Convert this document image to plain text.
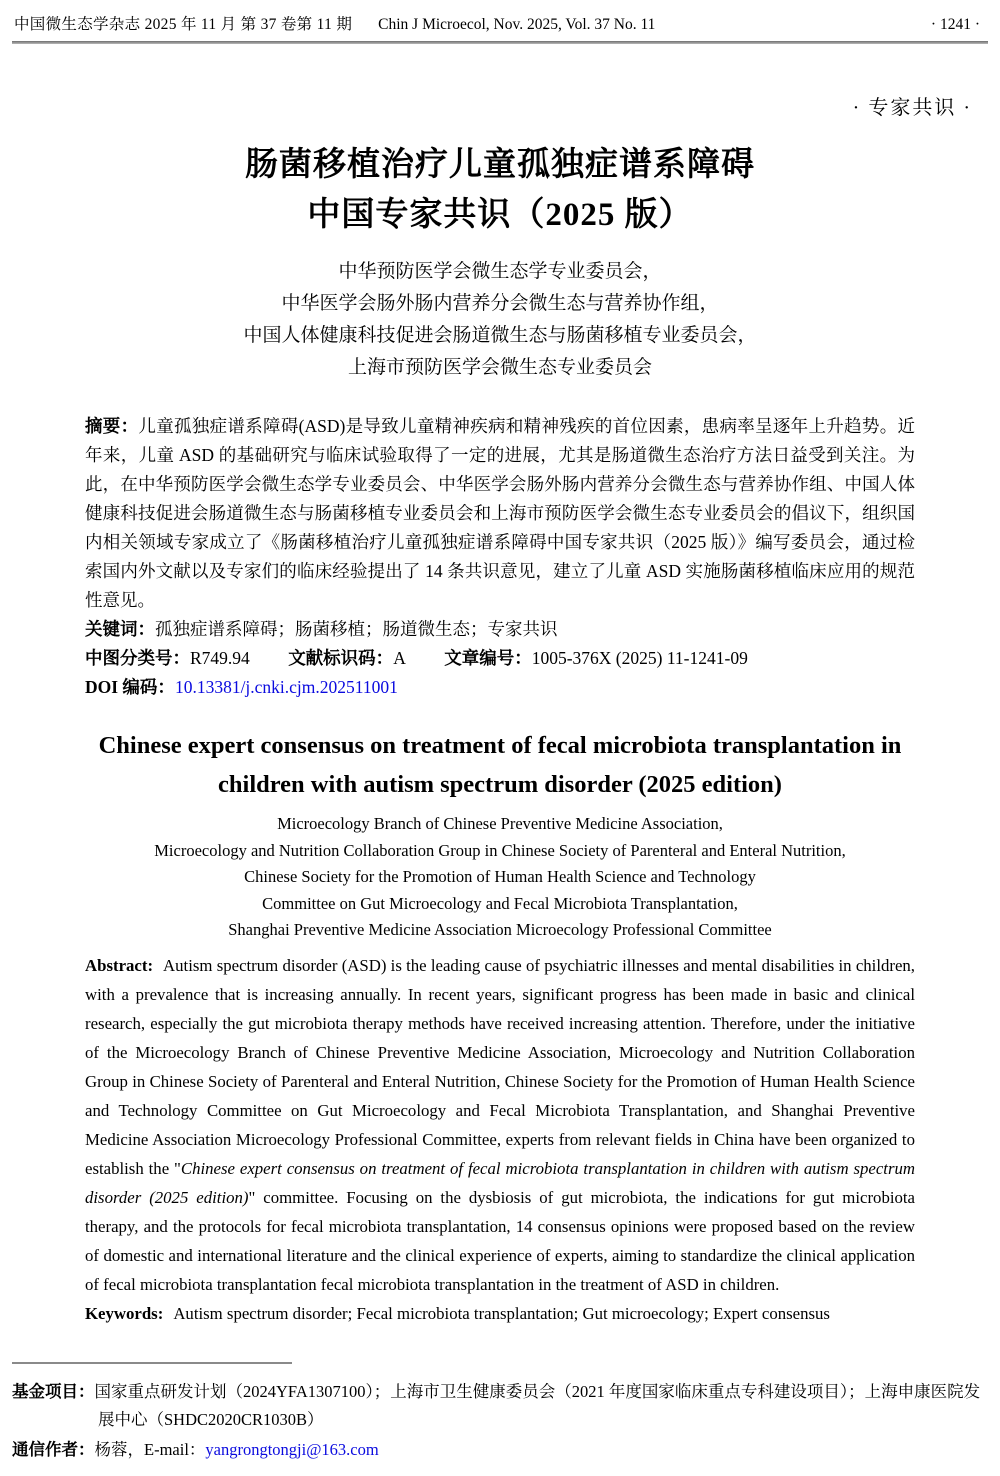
中国微生态学杂志 2025 年 11 月 第 37 卷第 11 期 Chin J Microecol, Nov. 2025, Vol. 37 No. 11	· 1241 ·
· 专家共识 ·
肠菌移植治疗儿童孤独症谱系障碍
中国专家共识（2025 版）
中华预防医学会微生态学专业委员会，
中华医学会肠外肠内营养分会微生态与营养协作组，
中国人体健康科技促进会肠道微生态与肠菌移植专业委员会，
上海市预防医学会微生态专业委员会

摘要：儿童孤独症谱系障碍(ASD)是导致儿童精神疾病和精神残疾的首位因素，患病率呈逐年上升趋势。近年来，儿童 ASD 的基础研究与临床试验取得了一定的进展，尤其是肠道微生态治疗方法日益受到关注。为此，在中华预防医学会微生态学专业委员会、中华医学会肠外肠内营养分会微生态与营养协作组、中国人体健康科技促进会肠道微生态与肠菌移植专业委员会和上海市预防医学会微生态专业委员会的倡议下，组织国内相关领域专家成立了《肠菌移植治疗儿童孤独症谱系障碍中国专家共识（2025 版）》编写委员会，通过检索国内外文献以及专家们的临床经验提出了 14 条共识意见，建立了儿童 ASD 实施肠菌移植临床应用的规范性意见。

关键词：孤独症谱系障碍；肠菌移植；肠道微生态；专家共识

中图分类号：R749.94 文献标识码：A 文章编号：1005-376X (2025) 11-1241-09

DOI 编码：10.13381/j.cnki.cjm.202511001

Chinese expert consensus on treatment of fecal microbiota transplantation in
children with autism spectrum disorder (2025 edition)
Microecology Branch of Chinese Preventive Medicine Association,
Microecology and Nutrition Collaboration Group in Chinese Society of Parenteral and Enteral Nutrition,
Chinese Society for the Promotion of Human Health Science and Technology
Committee on Gut Microecology and Fecal Microbiota Transplantation,
Shanghai Preventive Medicine Association Microecology Professional Committee

Abstract: Autism spectrum disorder (ASD) is the leading cause of psychiatric illnesses and mental disabilities in children, with a prevalence that is increasing annually. In recent years, significant progress has been made in basic and clinical research, especially the gut microbiota therapy methods have received increasing attention. Therefore, under the initiative of the Microecology Branch of Chinese Preventive Medicine Association, Microecology and Nutrition Collaboration Group in Chinese Society of Parenteral and Enteral Nutrition, Chinese Society for the Promotion of Human Health Science and Technology Committee on Gut Microecology and Fecal Microbiota Transplantation, and Shanghai Preventive Medicine Association Microecology Professional Committee, experts from relevant fields in China have been organized to establish the "Chinese expert consensus on treatment of fecal microbiota transplantation in children with autism spectrum disorder (2025 edition)" committee. Focusing on the dysbiosis of gut microbiota, the indications for gut microbiota therapy, and the protocols for fecal microbiota transplantation, 14 consensus opinions were proposed based on the review of domestic and international literature and the clinical experience of experts, aiming to standardize the clinical application of fecal microbiota transplantation fecal microbiota transplantation in the treatment of ASD in children.

Keywords: Autism spectrum disorder; Fecal microbiota transplantation; Gut microecology; Expert consensus

基金项目：国家重点研发计划（2024YFA1307100）；上海市卫生健康委员会（2021 年度国家临床重点专科建设项目）；上海申康医院发展中心（SHDC2020CR1030B）

通信作者：杨蓉，E-mail：yangrongtongji@163.com
